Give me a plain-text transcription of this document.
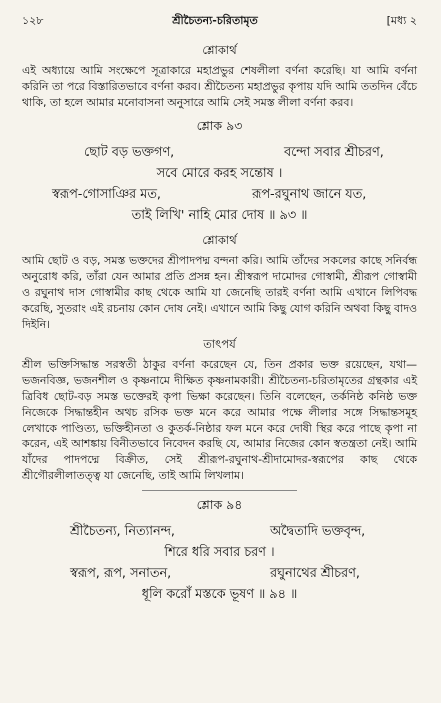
১২৮	শ্রীচৈতন্য-চরিতামৃত	[মধ্য ২
শ্লোকার্থ

এই অধ্যায়ে আমি সংক্ষেপে সূত্রাকারে মহাপ্রভুর শেষলীলা বর্ণনা করেছি। যা আমি বর্ণনা করিনি তা পরে বিস্তারিতভাবে বর্ণনা করব। শ্রীচৈতন্য মহাপ্রভুর কৃপায় যদি আমি ততদিন বেঁচে থাকি, তা হলে আমার মনোবাসনা অনুসারে আমি সেই সমস্ত লীলা বর্ণনা করব।

শ্লোক ৯৩
ছোট বড় ভক্তগণ,	বন্দো সবার শ্রীচরণ,
সবে মোরে করহ সন্তোষ ।
স্বরূপ-গোসাঞির মত,	রূপ-রঘুনাথ জানে যত,
তাই লিখি' নাহি মোর দোষ ॥ ৯৩ ॥
শ্লোকার্থ

আমি ছোট ও বড়, সমস্ত ভক্তদের শ্রীপাদপদ্ম বন্দনা করি। আমি তাঁদের সকলের কাছে সনির্বন্ধ অনুরোধ করি, তাঁরা যেন আমার প্রতি প্রসন্ন হন। শ্রীস্বরূপ দামোদর গোস্বামী, শ্রীরূপ গোস্বামী ও রঘুনাথ দাস গোস্বামীর কাছ থেকে আমি যা জেনেছি তারই বর্ণনা আমি এখানে লিপিবদ্ধ করেছি, সুতরাং এই রচনায় কোন দোষ নেই। এখানে আমি কিছু যোগ করিনি অথবা কিছু বাদও দিইনি।

তাৎপর্য

শ্রীল ভক্তিসিদ্ধান্ত সরস্বতী ঠাকুর বর্ণনা করেছেন যে, তিন প্রকার ভক্ত রয়েছেন, যথা—ভজনবিজ্ঞ, ভজনশীল ও কৃষ্ণনামে দীক্ষিত কৃষ্ণনামকারী। শ্রীচৈতন্য-চরিতামৃতের গ্রন্থকার এই ত্রিবিধ ছোট-বড় সমস্ত ভক্তেরই কৃপা ভিক্ষা করেছেন। তিনি বলেছেন, তর্কনিষ্ঠ কনিষ্ঠ ভক্ত নিজেকে সিদ্ধান্তহীন অথচ রসিক ভক্ত মনে করে আমার পক্ষে লীলার সঙ্গে সিদ্ধান্তসমূহ লেখাকে পাণ্ডিত্য, ভক্তিহীনতা ও কুতর্ক-নিষ্ঠার ফল মনে করে দোষী স্থির করে পাছে কৃপা না করেন, এই আশঙ্কায় বিনীতভাবে নিবেদন করছি যে, আমার নিজের কোন স্বতন্ত্রতা নেই। আমি যাঁদের পাদপদ্মে বিক্রীত, সেই শ্রীরূপ-রঘুনাথ-শ্রীদামোদর-স্বরূপের কাছ থেকে শ্রীগৌরলীলাতত্ত্ব যা জেনেছি, তাই আমি লিখলাম।

শ্লোক ৯৪
শ্রীচৈতন্য, নিত্যানন্দ,	অদ্বৈতাদি ভক্তবৃন্দ,
শিরে ধরি সবার চরণ ।
স্বরূপ, রূপ, সনাতন,	রঘুনাথের শ্রীচরণ,
ধূলি করোঁ মস্তকে ভূষণ ॥ ৯৪ ॥
